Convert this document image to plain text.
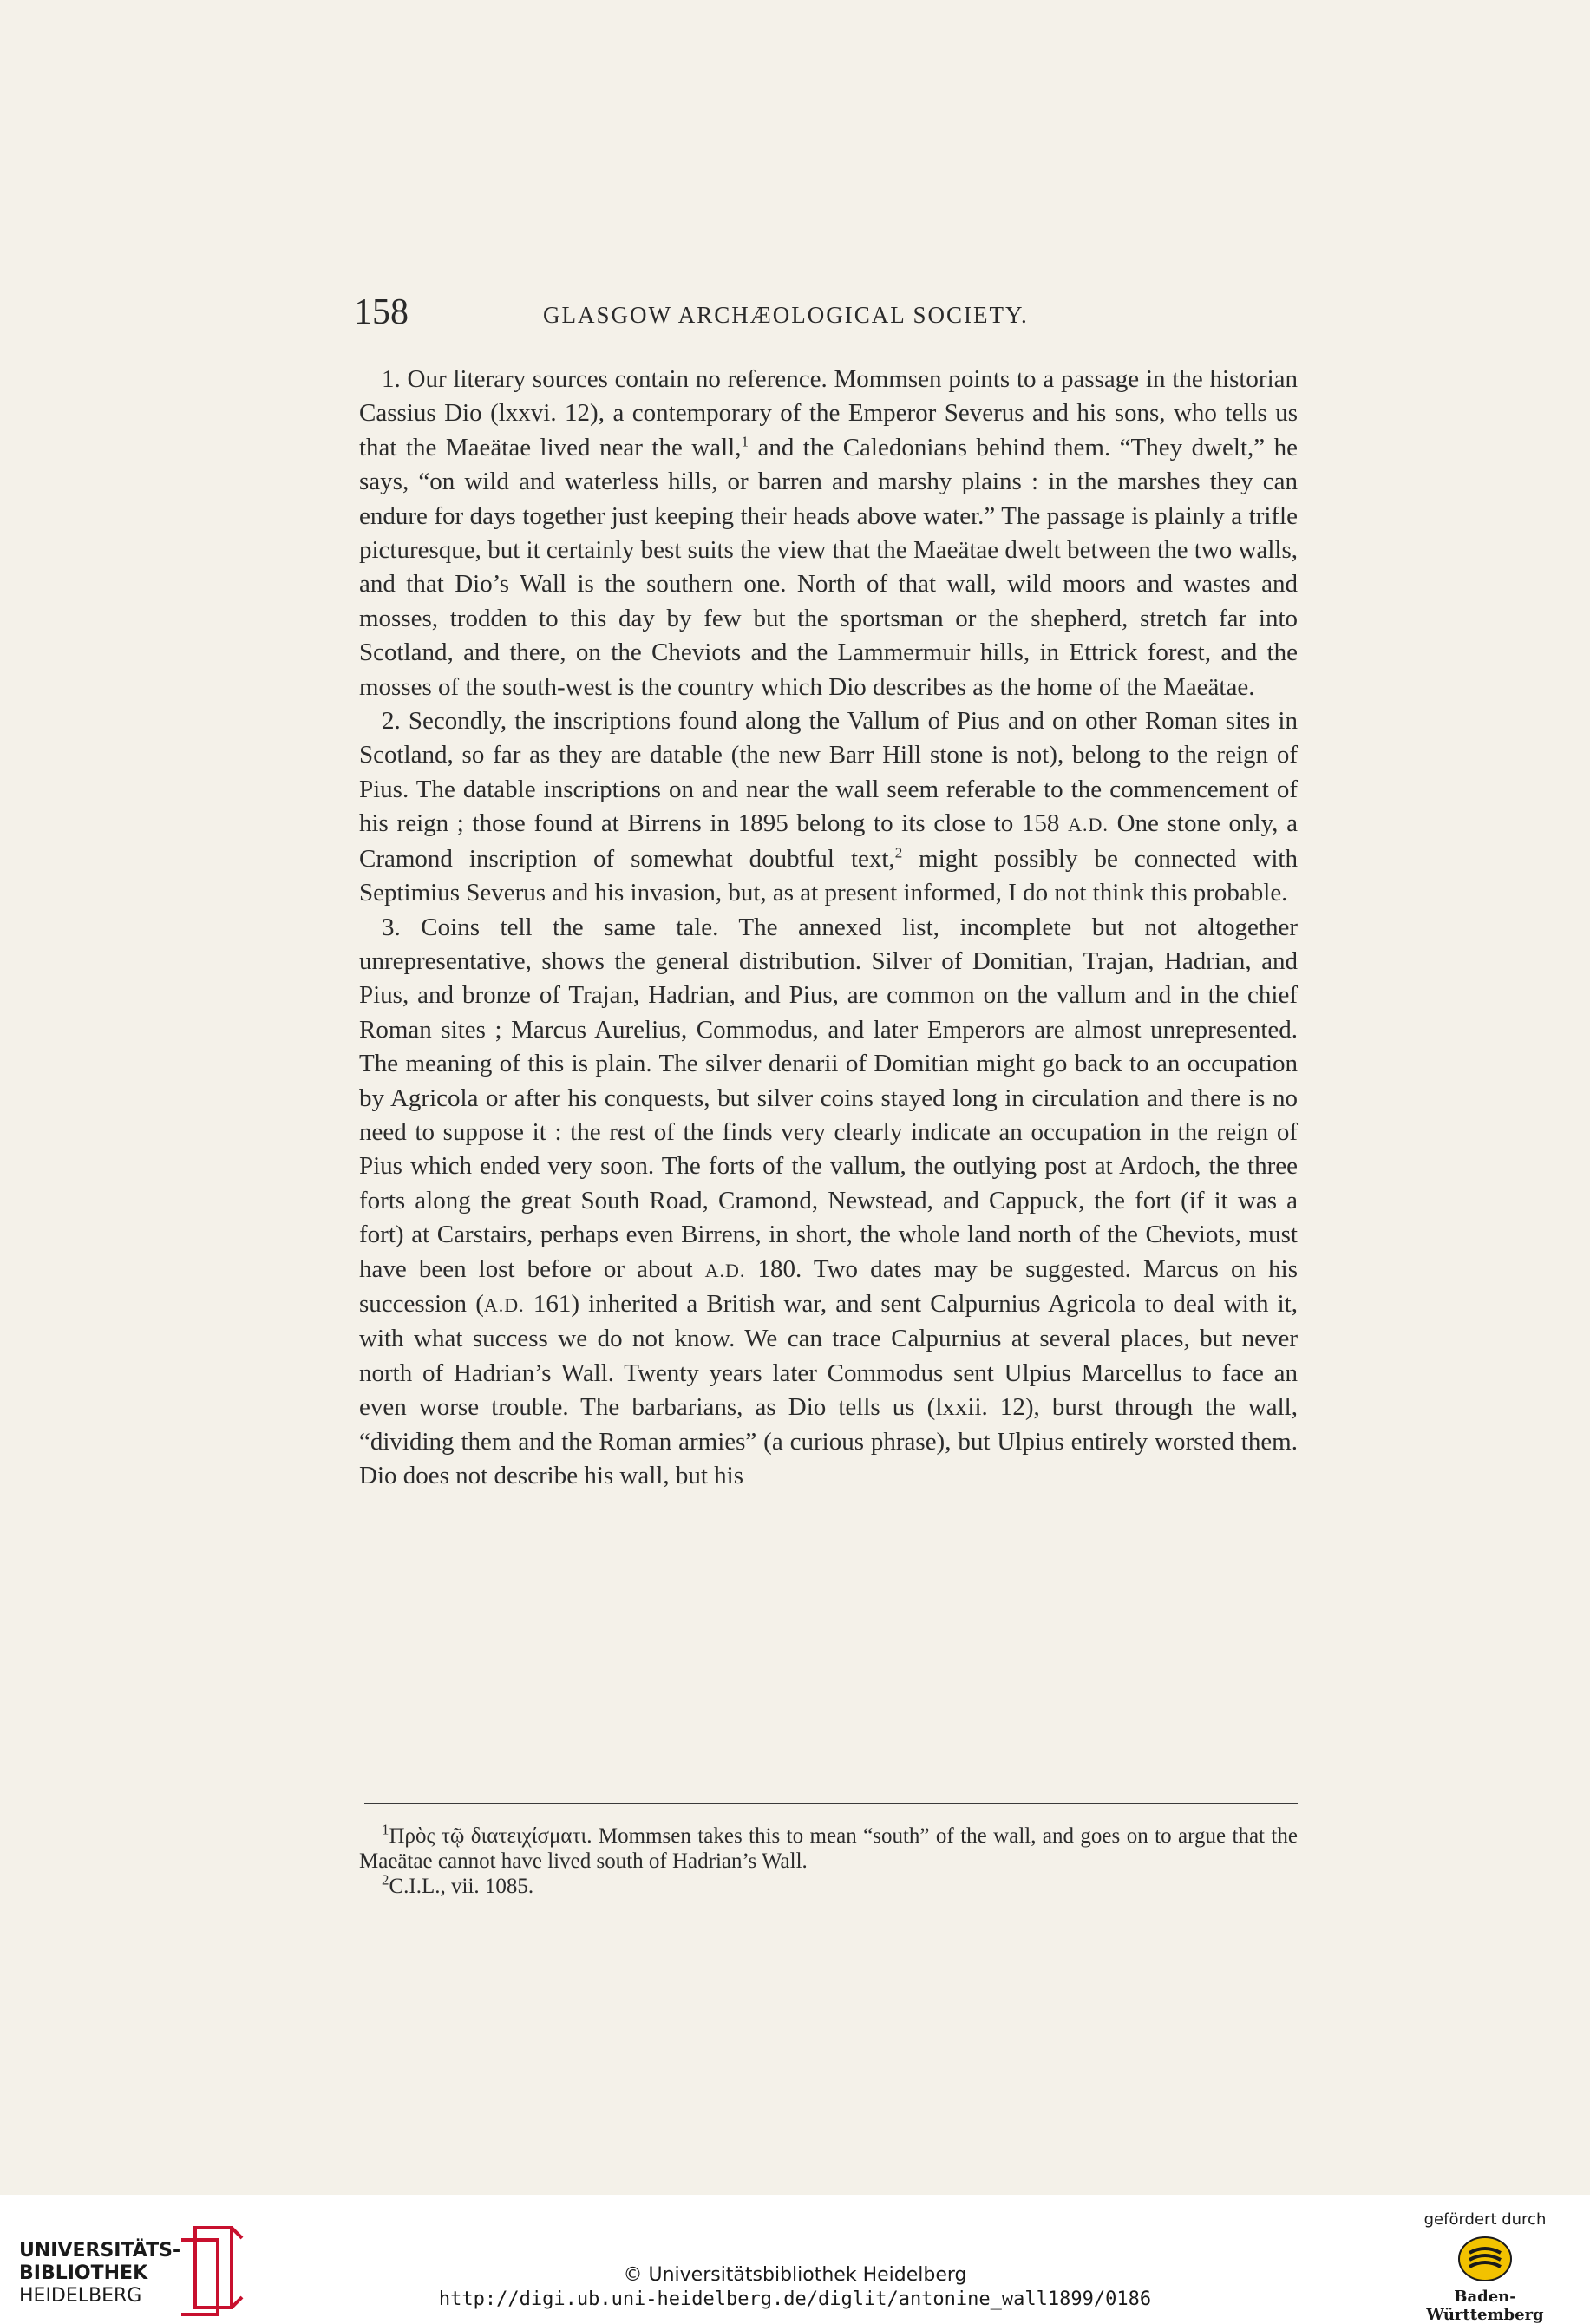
158	GLASGOW ARCHÆOLOGICAL SOCIETY.

1. Our literary sources contain no reference. Mommsen points to a passage in the historian Cassius Dio (lxxvi. 12), a contemporary of the Emperor Severus and his sons, who tells us that the Maeätae lived near the wall,$^1$ and the Caledonians behind them. “They dwelt,” he says, “on wild and waterless hills, or barren and marshy plains : in the marshes they can endure for days together just keeping their heads above water.” The passage is plainly a trifle picturesque, but it certainly best suits the view that the Maeätae dwelt between the two walls, and that Dio’s Wall is the southern one. North of that wall, wild moors and wastes and mosses, trodden to this day by few but the sportsman or the shepherd, stretch far into Scotland, and there, on the Cheviots and the Lammermuir hills, in Ettrick forest, and the mosses of the south-west is the country which Dio describes as the home of the Maeätae.

2. Secondly, the inscriptions found along the Vallum of Pius and on other Roman sites in Scotland, so far as they are datable (the new Barr Hill stone is not), belong to the reign of Pius. The datable inscriptions on and near the wall seem referable to the commencement of his reign ; those found at Birrens in 1895 belong to its close to 158 A.D. One stone only, a Cramond inscription of somewhat doubtful text,$^2$ might possibly be connected with Septimius Severus and his invasion, but, as at present informed, I do not think this probable.

3. Coins tell the same tale. The annexed list, incomplete but not altogether unrepresentative, shows the general distribution. Silver of Domitian, Trajan, Hadrian, and Pius, and bronze of Trajan, Hadrian, and Pius, are common on the vallum and in the chief Roman sites ; Marcus Aurelius, Commodus, and later Emperors are almost unrepresented. The meaning of this is plain. The silver denarii of Domitian might go back to an occupation by Agricola or after his conquests, but silver coins stayed long in circulation and there is no need to suppose it : the rest of the finds very clearly indicate an occupation in the reign of Pius which ended very soon. The forts of the vallum, the outlying post at Ardoch, the three forts along the great South Road, Cramond, Newstead, and Cappuck, the fort (if it was a fort) at Carstairs, perhaps even Birrens, in short, the whole land north of the Cheviots, must have been lost before or about A.D. 180. Two dates may be suggested. Marcus on his succession (A.D. 161) inherited a British war, and sent Calpurnius Agricola to deal with it, with what success we do not know. We can trace Calpurnius at several places, but never north of Hadrian’s Wall. Twenty years later Commodus sent Ulpius Marcellus to face an even worse trouble. The barbarians, as Dio tells us (lxxii. 12), burst through the wall, “dividing them and the Roman armies” (a curious phrase), but Ulpius entirely worsted them. Dio does not describe his wall, but his

$^1$Πρὸς τῷ διατειχίσματι. Mommsen takes this to mean “south” of the wall, and goes on to argue that the Maeätae cannot have lived south of Hadrian’s Wall.

$^2$C.I.L., vii. 1085.

UNIVERSITÄTS-
BIBLIOTHEK
HEIDELBERG
© Universitätsbibliothek Heidelberg
http://digi.ub.uni-heidelberg.de/diglit/antonine_wall1899/0186
gefördert durch
Baden-Württemberg
